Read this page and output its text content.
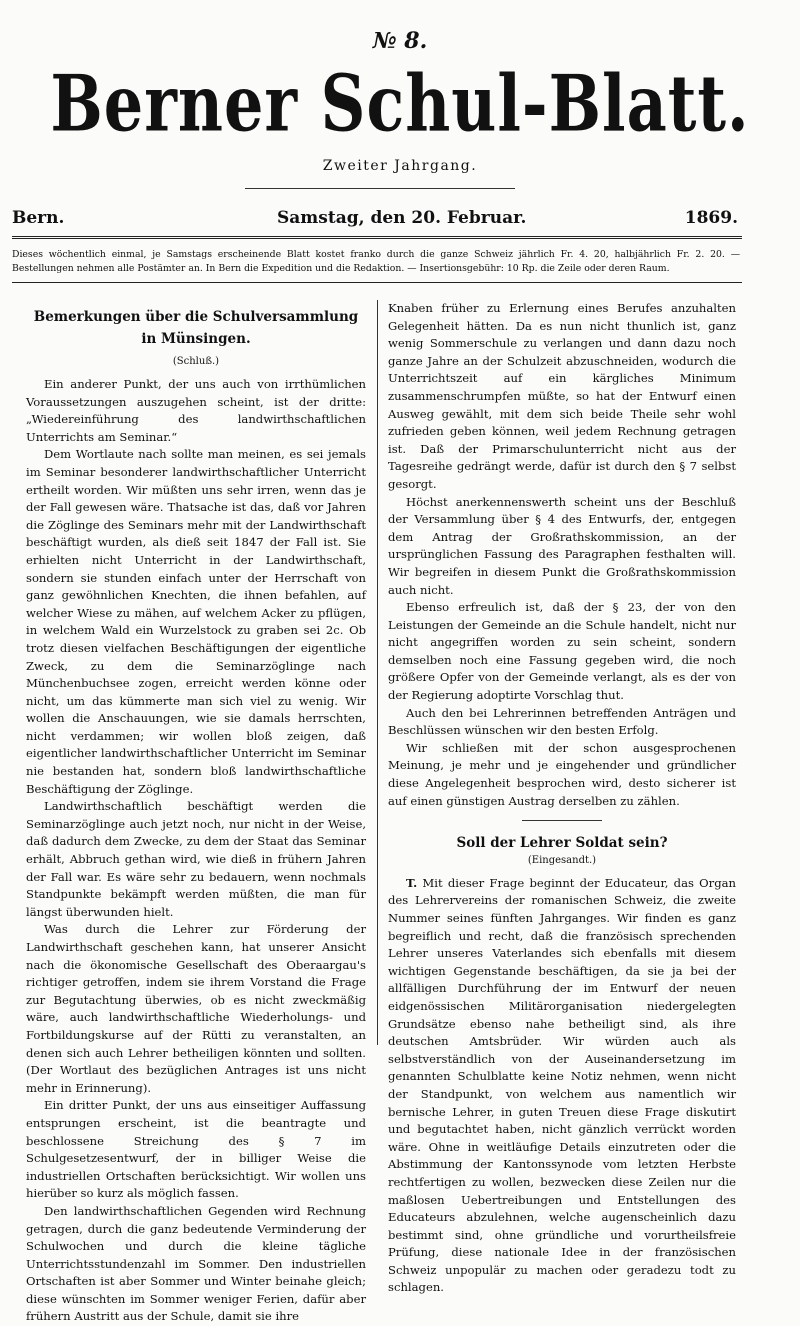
№ 8.
Berner Schul-Blatt.
Zweiter Jahrgang.
Bern.	Samstag, den 20. Februar.	1869.
Dieses wöchentlich einmal, je Samstags erscheinende Blatt kostet franko durch die ganze Schweiz jährlich Fr. 4. 20, halbjährlich Fr. 2. 20. — Bestellungen nehmen alle Postämter an. In Bern die Expedition und die Redaktion. — Insertionsgebühr: 10 Rp. die Zeile oder deren Raum.
Bemerkungen über die Schulversammlung in Münsingen.
(Schluß.)

Ein anderer Punkt, der uns auch von irrthümlichen Voraussetzungen auszugehen scheint, ist der dritte: „Wiedereinführung des landwirthschaftlichen Unterrichts am Seminar.“

Dem Wortlaute nach sollte man meinen, es sei jemals im Seminar besonderer landwirthschaftlicher Unterricht ertheilt worden. Wir müßten uns sehr irren, wenn das je der Fall gewesen wäre. Thatsache ist das, daß vor Jahren die Zöglinge des Seminars mehr mit der Landwirthschaft beschäftigt wurden, als dieß seit 1847 der Fall ist. Sie erhielten nicht Unterricht in der Landwirthschaft, sondern sie stunden einfach unter der Herrschaft von ganz gewöhnlichen Knechten, die ihnen befahlen, auf welcher Wiese zu mähen, auf welchem Acker zu pflügen, in welchem Wald ein Wurzelstock zu graben sei 2c. Ob trotz diesen vielfachen Beschäftigungen der eigentliche Zweck, zu dem die Seminarzöglinge nach Münchenbuchsee zogen, erreicht werden könne oder nicht, um das kümmerte man sich viel zu wenig. Wir wollen die Anschauungen, wie sie damals herrschten, nicht verdammen; wir wollen bloß zeigen, daß eigentlicher landwirthschaftlicher Unterricht im Seminar nie bestanden hat, sondern bloß landwirthschaftliche Beschäftigung der Zöglinge.

Landwirthschaftlich beschäftigt werden die Seminarzöglinge auch jetzt noch, nur nicht in der Weise, daß dadurch dem Zwecke, zu dem der Staat das Seminar erhält, Abbruch gethan wird, wie dieß in frühern Jahren der Fall war. Es wäre sehr zu bedauern, wenn nochmals Standpunkte bekämpft werden müßten, die man für längst überwunden hielt.

Was durch die Lehrer zur Förderung der Landwirthschaft geschehen kann, hat unserer Ansicht nach die ökonomische Gesellschaft des Oberaargau's richtiger getroffen, indem sie ihrem Vorstand die Frage zur Begutachtung überwies, ob es nicht zweckmäßig wäre, auch landwirthschaftliche Wiederholungs- und Fortbildungskurse auf der Rütti zu veranstalten, an denen sich auch Lehrer betheiligen könnten und sollten. (Der Wortlaut des bezüglichen Antrages ist uns nicht mehr in Erinnerung).

Ein dritter Punkt, der uns aus einseitiger Auffassung entsprungen erscheint, ist die beantragte und beschlossene Streichung des § 7 im Schulgesetzesentwurf, der in billiger Weise die industriellen Ortschaften berücksichtigt. Wir wollen uns hierüber so kurz als möglich fassen.

Den landwirthschaftlichen Gegenden wird Rechnung getragen, durch die ganz bedeutende Verminderung der Schulwochen und durch die kleine tägliche Unterrichtsstundenzahl im Sommer. Den industriellen Ortschaften ist aber Sommer und Winter beinahe gleich; diese wünschten im Sommer weniger Ferien, dafür aber frühern Austritt aus der Schule, damit sie ihre

Knaben früher zu Erlernung eines Berufes anzuhalten Gelegenheit hätten. Da es nun nicht thunlich ist, ganz wenig Sommerschule zu verlangen und dann dazu noch ganze Jahre an der Schulzeit abzuschneiden, wodurch die Unterrichtszeit auf ein kärgliches Minimum zusammenschrumpfen müßte, so hat der Entwurf einen Ausweg gewählt, mit dem sich beide Theile sehr wohl zufrieden geben können, weil jedem Rechnung getragen ist. Daß der Primarschulunterricht nicht aus der Tagesreihe gedrängt werde, dafür ist durch den § 7 selbst gesorgt.

Höchst anerkennenswerth scheint uns der Beschluß der Versammlung über § 4 des Entwurfs, der, entgegen dem Antrag der Großrathskommission, an der ursprünglichen Fassung des Paragraphen festhalten will. Wir begreifen in diesem Punkt die Großrathskommission auch nicht.

Ebenso erfreulich ist, daß der § 23, der von den Leistungen der Gemeinde an die Schule handelt, nicht nur nicht angegriffen worden zu sein scheint, sondern demselben noch eine Fassung gegeben wird, die noch größere Opfer von der Gemeinde verlangt, als es der von der Regierung adoptirte Vorschlag thut.

Auch den bei Lehrerinnen betreffenden Anträgen und Beschlüssen wünschen wir den besten Erfolg.

Wir schließen mit der schon ausgesprochenen Meinung, je mehr und je eingehender und gründlicher diese Angelegenheit besprochen wird, desto sicherer ist auf einen günstigen Austrag derselben zu zählen.

Soll der Lehrer Soldat sein?
(Eingesandt.)

T. Mit dieser Frage beginnt der Educateur, das Organ des Lehrervereins der romanischen Schweiz, die zweite Nummer seines fünften Jahrganges. Wir finden es ganz begreiflich und recht, daß die französisch sprechenden Lehrer unseres Vaterlandes sich ebenfalls mit diesem wichtigen Gegenstande beschäftigen, da sie ja bei der allfälligen Durchführung der im Entwurf der neuen eidgenössischen Militärorganisation niedergelegten Grundsätze ebenso nahe betheiligt sind, als ihre deutschen Amtsbrüder. Wir würden auch als selbstverständlich von der Auseinandersetzung im genannten Schulblatte keine Notiz nehmen, wenn nicht der Standpunkt, von welchem aus namentlich wir bernische Lehrer, in guten Treuen diese Frage diskutirt und begutachtet haben, nicht gänzlich verrückt worden wäre. Ohne in weitläufige Details einzutreten oder die Abstimmung der Kantonssynode vom letzten Herbste rechtfertigen zu wollen, bezwecken diese Zeilen nur die maßlosen Uebertreibungen und Entstellungen des Educateurs abzulehnen, welche augenscheinlich dazu bestimmt sind, ohne gründliche und vorurtheilsfreie Prüfung, diese nationale Idee in der französischen Schweiz unpopulär zu machen oder geradezu todt zu schlagen.
